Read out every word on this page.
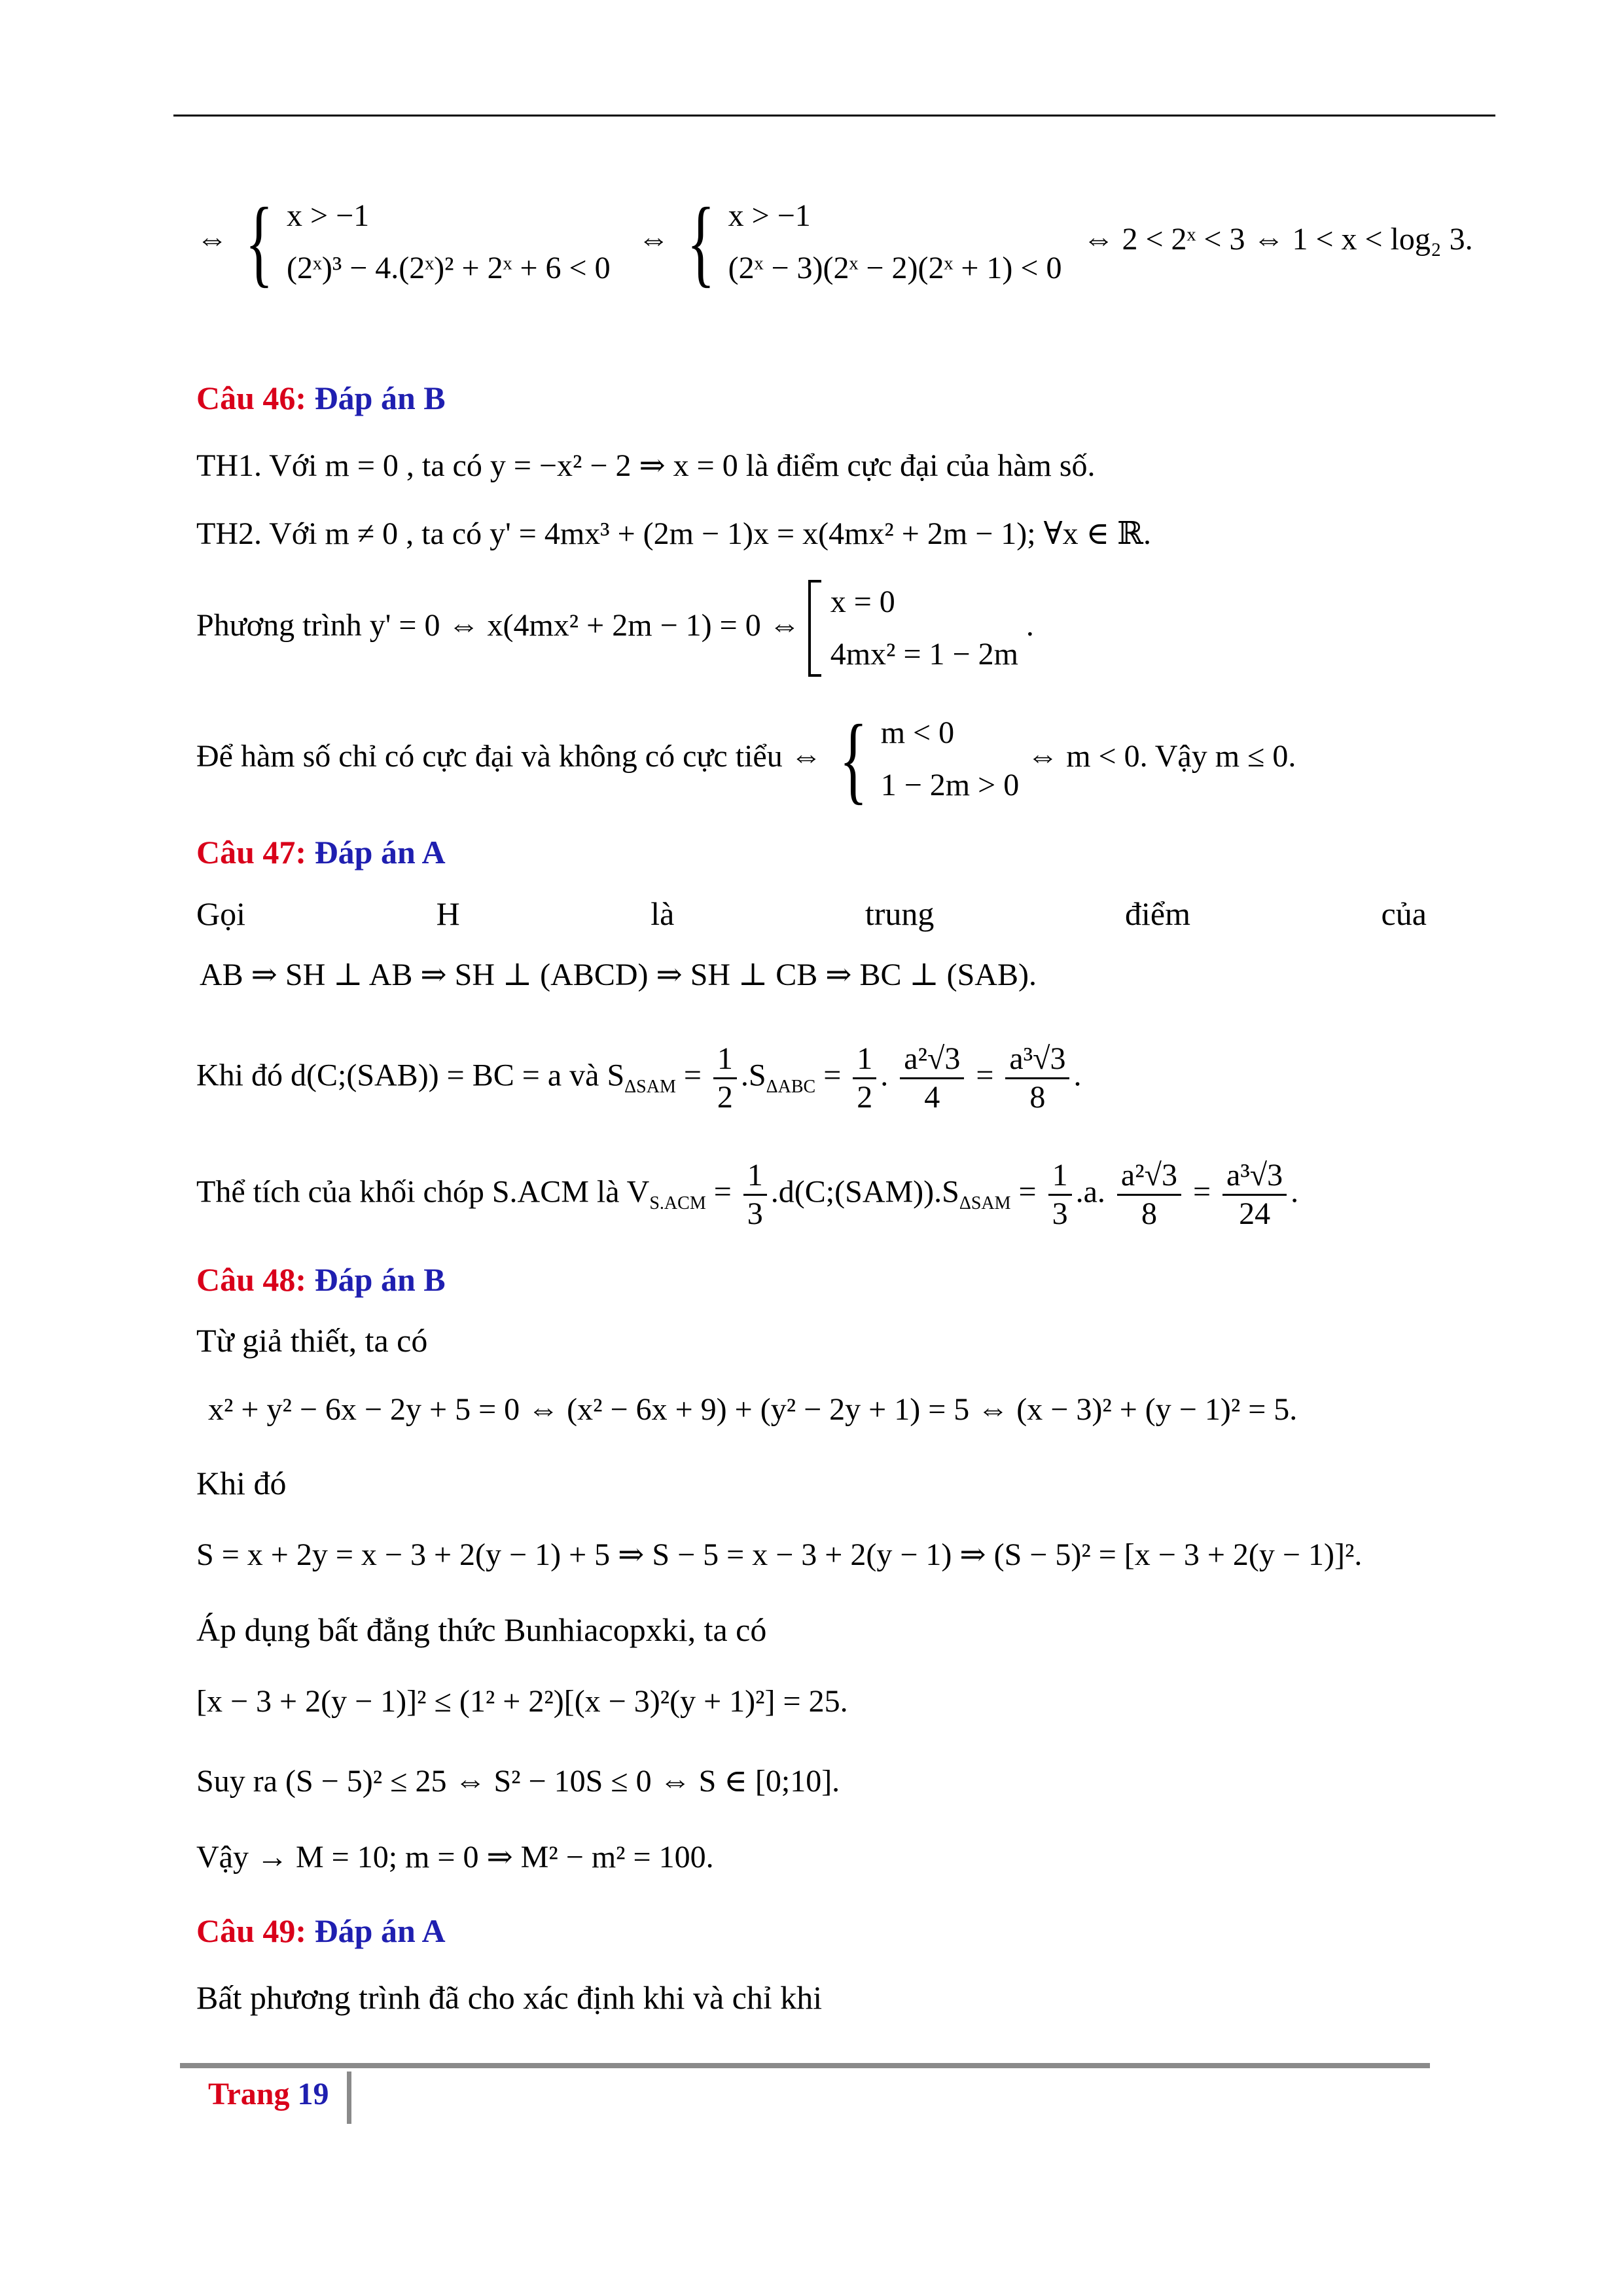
⇔ { x > −1
(2ˣ)³ − 4.(2ˣ)² + 2ˣ + 6 < 0
⇔ { x > −1
(2ˣ − 3)(2ˣ − 2)(2ˣ + 1) < 0
⇔ 2 < 2ˣ < 3 ⇔ 1 < x < log₂ 3.
Câu 46: Đáp án B
TH1. Với m = 0 , ta có y = −x² − 2 ⇒ x = 0 là điểm cực đại của hàm số.
TH2. Với m ≠ 0 , ta có y' = 4mx³ + (2m − 1)x = x(4mx² + 2m − 1); ∀x ∈ ℝ.
Phương trình y' = 0 ⇔ x(4mx² + 2m − 1) = 0 ⇔
x = 0
4mx² = 1 − 2m
.
Để hàm số chỉ có cực đại và không có cực tiểu ⇔ { m < 0
1 − 2m > 0
⇔ m < 0. Vậy m ≤ 0.
Câu 47: Đáp án A
Gọi	H	là	trung	điểm	của
AB ⇒ SH ⊥ AB ⇒ SH ⊥ (ABCD) ⇒ SH ⊥ CB ⇒ BC ⊥ (SAB).
Khi đó d(C;(SAB)) = BC = a và $S_{\Delta SAM} = \frac{1}{2} .S_{\Delta ABC} = \frac{1}{2}$ . $\frac{\text{a²√3}}{4} = \frac{\text{a³√3}}{8}$ .
Thể tích của khối chóp S.ACM là $V_{S.ACM} = \frac{1}{3}$ $.d(C;(SAM)).S_{\Delta SAM} = \frac{1}{3} .a$. $\frac{\text{a²√3}}{8} = \frac{\text{a³√3}}{24}$ .
Câu 48: Đáp án B
Từ giả thiết, ta có
x² + y² − 6x − 2y + 5 = 0 ⇔ (x² − 6x + 9) + (y² − 2y + 1) = 5 ⇔ (x − 3)² + (y − 1)² = 5.
Khi đó
S = x + 2y = x − 3 + 2(y − 1) + 5 ⇒ S − 5 = x − 3 + 2(y − 1) ⇒ (S − 5)² = [x − 3 + 2(y − 1)]².
Áp dụng bất đẳng thức Bunhiacopxki, ta có
[x − 3 + 2(y − 1)]² ≤ (1² + 2²)[(x − 3)²(y + 1)²] = 25.
Suy ra (S − 5)² ≤ 25 ⇔ S² − 10S ≤ 0 ⇔ S ∈ [0;10].
Vậy → M = 10; m = 0 ⇒ M² − m² = 100.
Câu 49: Đáp án A
Bất phương trình đã cho xác định khi và chỉ khi
Trang 19
